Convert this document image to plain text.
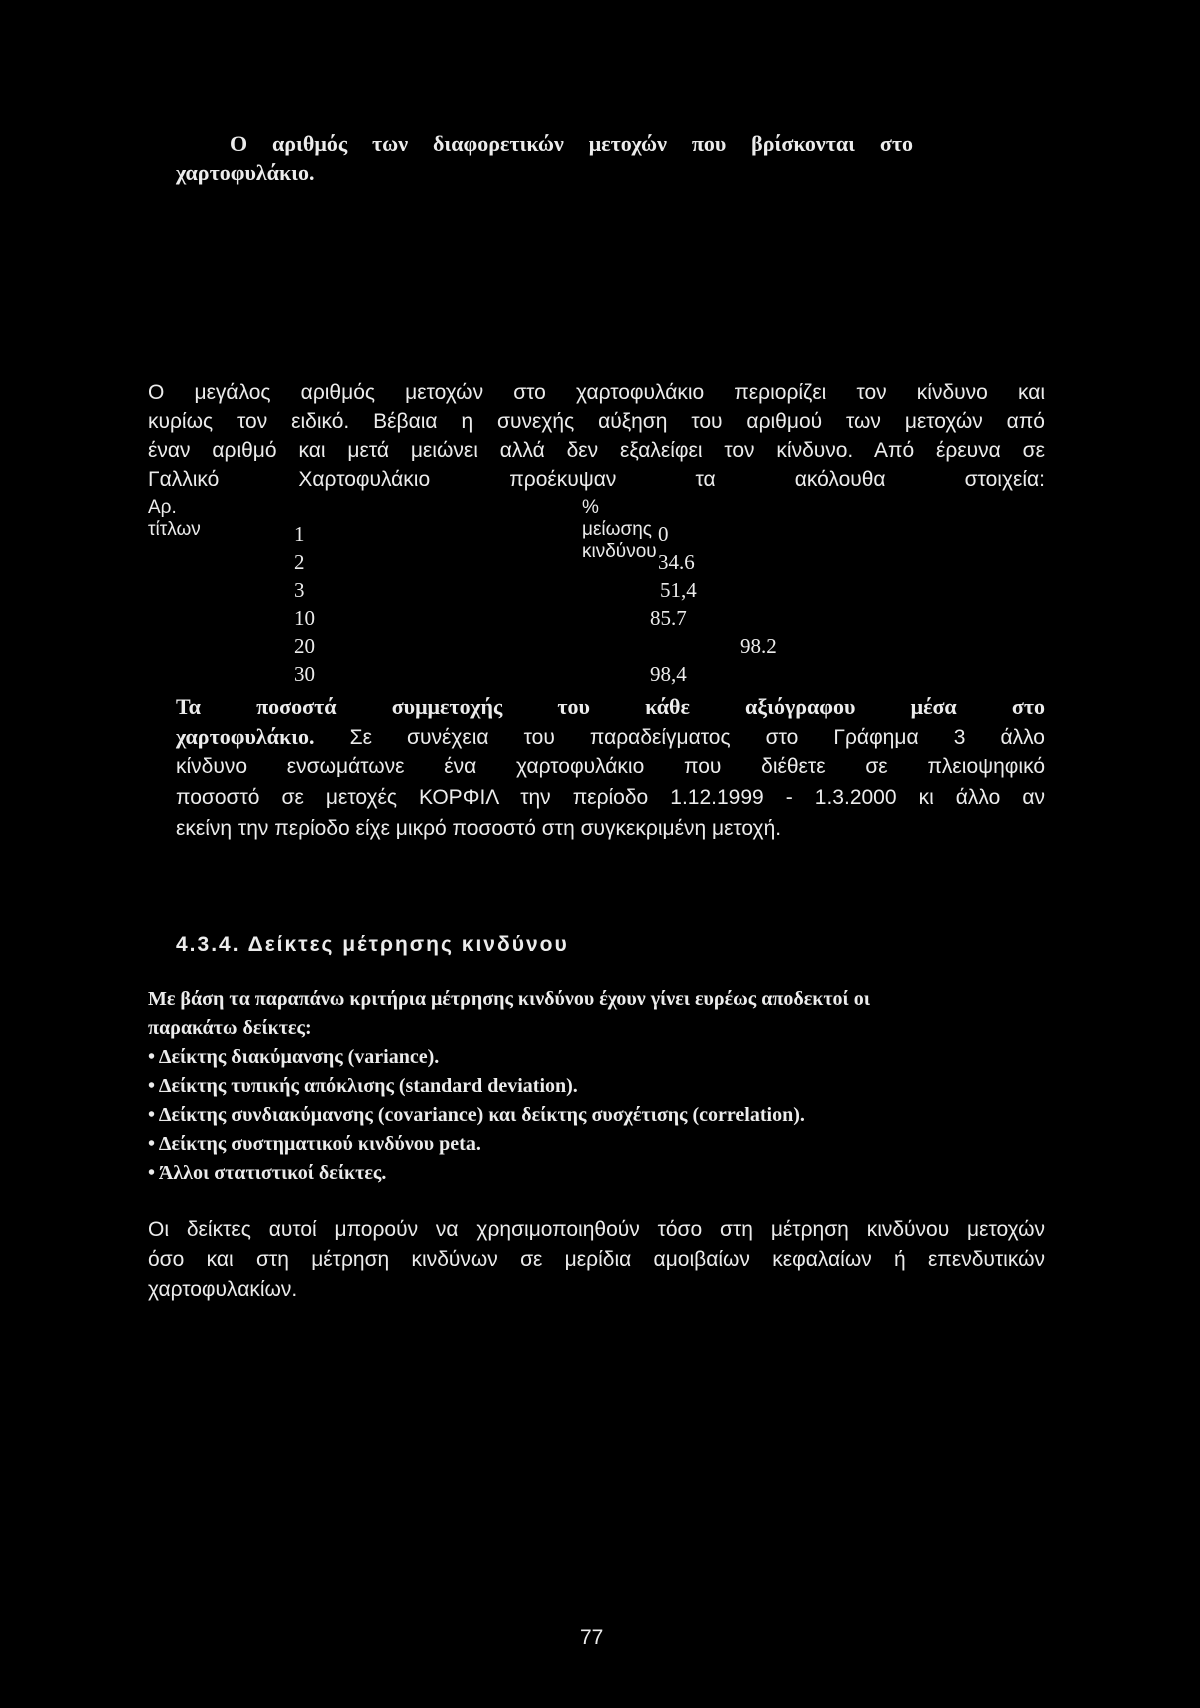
Ο αριθμός των διαφορετικών μετοχών που βρίσκονται στο
χαρτοφυλάκιο.
Ο μεγάλος αριθμός μετοχών στο χαρτοφυλάκιο περιορίζει τον κίνδυνο και
κυρίως τον ειδικό. Βέβαια η συνεχής αύξηση του αριθμού των μετοχών από
έναν αριθμό και μετά μειώνει αλλά δεν εξαλείφει τον κίνδυνο. Από έρευνα σε
Γαλλικό Χαρτοφυλάκιο προέκυψαν τα ακόλουθα στοιχεία:
Αρ. τίτλων
% μείωσης κινδύνου
1	0
2	34.6
3	51,4
10	85.7
20	98.2
30	98,4
Τα ποσοστά συμμετοχής του κάθε αξιόγραφου μέσα στο
χαρτοφυλάκιο. Σε συνέχεια του παραδείγματος στο Γράφημα 3 άλλο
κίνδυνο ενσωμάτωνε ένα χαρτοφυλάκιο που διέθετε σε πλειοψηφικό
ποσοστό σε μετοχές ΚΟΡΦΙΛ την περίοδο 1.12.1999 - 1.3.2000 κι άλλο αν
εκείνη την περίοδο είχε μικρό ποσοστό στη συγκεκριμένη μετοχή.
4.3.4. Δείκτες μέτρησης κινδύνου
Με βάση τα παραπάνω κριτήρια μέτρησης κινδύνου έχουν γίνει ευρέως αποδεκτοί οι
παρακάτω δείκτες:
• Δείκτης διακύμανσης (variance).
• Δείκτης τυπικής απόκλισης (standard deviation).
• Δείκτης συνδιακύμανσης (covariance) και δείκτης συσχέτισης (correlation).
• Δείκτης συστηματικού κινδύνου peta.
• Άλλοι στατιστικοί δείκτες.
Οι δείκτες αυτοί μπορούν να χρησιμοποιηθούν τόσο στη μέτρηση κινδύνου μετοχών
όσο και στη μέτρηση κινδύνων σε μερίδια αμοιβαίων κεφαλαίων ή επενδυτικών
χαρτοφυλακίων.
77
